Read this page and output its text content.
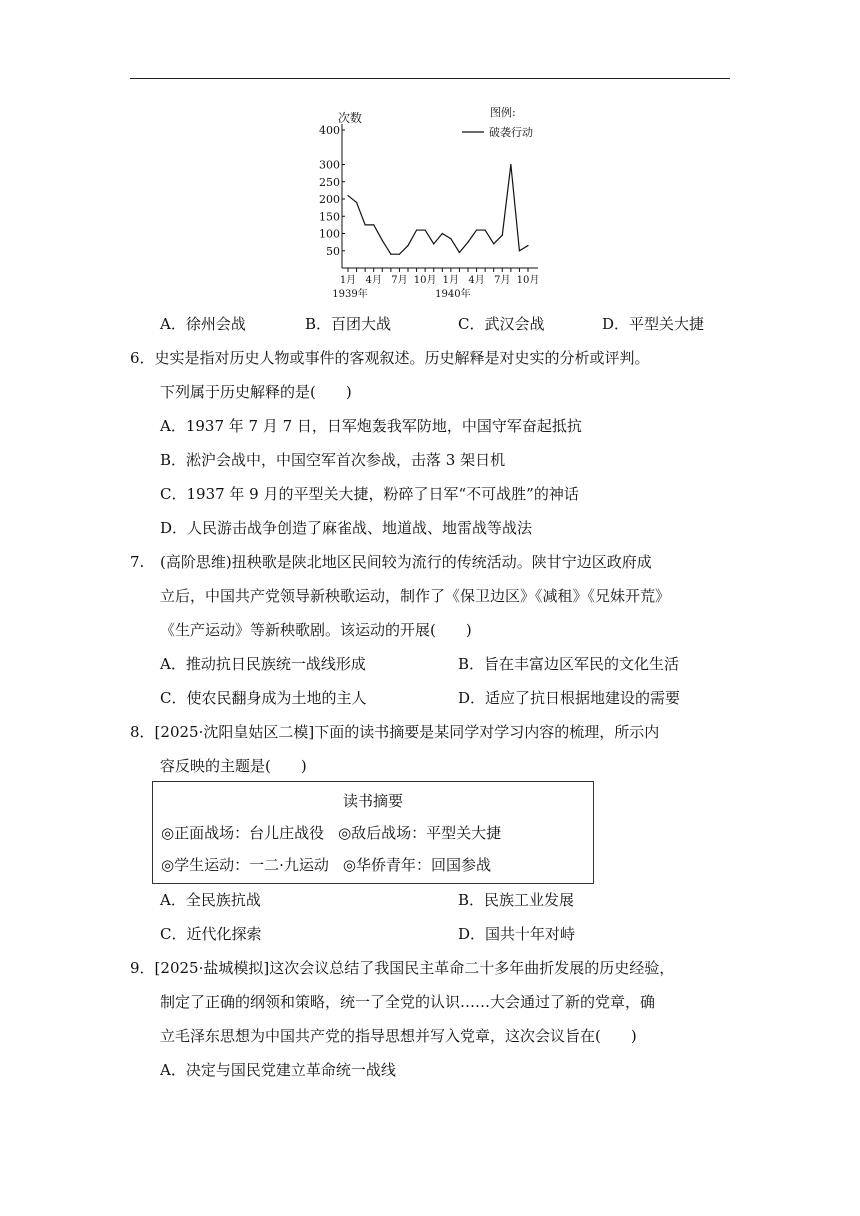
400
300
250
200
150
100
50
次数
1月 4月 7月 10月 1月 4月 7月 10月
1939年	1940年
图例:
破袭行动
A．徐州会战	B．百团大战	C．武汉会战	D．平型关大捷
6．史实是指对历史人物或事件的客观叙述。历史解释是对史实的分析或评判。
下列属于历史解释的是(　　)
A．1937 年 7 月 7 日，日军炮轰我军防地，中国守军奋起抵抗
B．淞沪会战中，中国空军首次参战，击落 3 架日机
C．1937 年 9 月的平型关大捷，粉碎了日军“不可战胜”的神话
D．人民游击战争创造了麻雀战、地道战、地雷战等战法
7. (高阶思维)扭秧歌是陕北地区民间较为流行的传统活动。陕甘宁边区政府成
立后，中国共产党领导新秧歌运动，制作了《保卫边区》《减租》《兄妹开荒》
《生产运动》等新秧歌剧。该运动的开展(　　)
A．推动抗日民族统一战线形成	B．旨在丰富边区军民的文化生活
C．使农民翻身成为土地的主人	D．适应了抗日根据地建设的需要
8．[2025·沈阳皇姑区二模]下面的读书摘要是某同学对学习内容的梳理，所示内
容反映的主题是(　　)
读书摘要
◎正面战场：台儿庄战役 ◎敌后战场：平型关大捷
◎学生运动：一二·九运动 ◎华侨青年：回国参战
A．全民族抗战	B．民族工业发展
C．近代化探索	D．国共十年对峙
9．[2025·盐城模拟]这次会议总结了我国民主革命二十多年曲折发展的历史经验，
制定了正确的纲领和策略，统一了全党的认识……大会通过了新的党章，确
立毛泽东思想为中国共产党的指导思想并写入党章，这次会议旨在(　　)
A．决定与国民党建立革命统一战线
